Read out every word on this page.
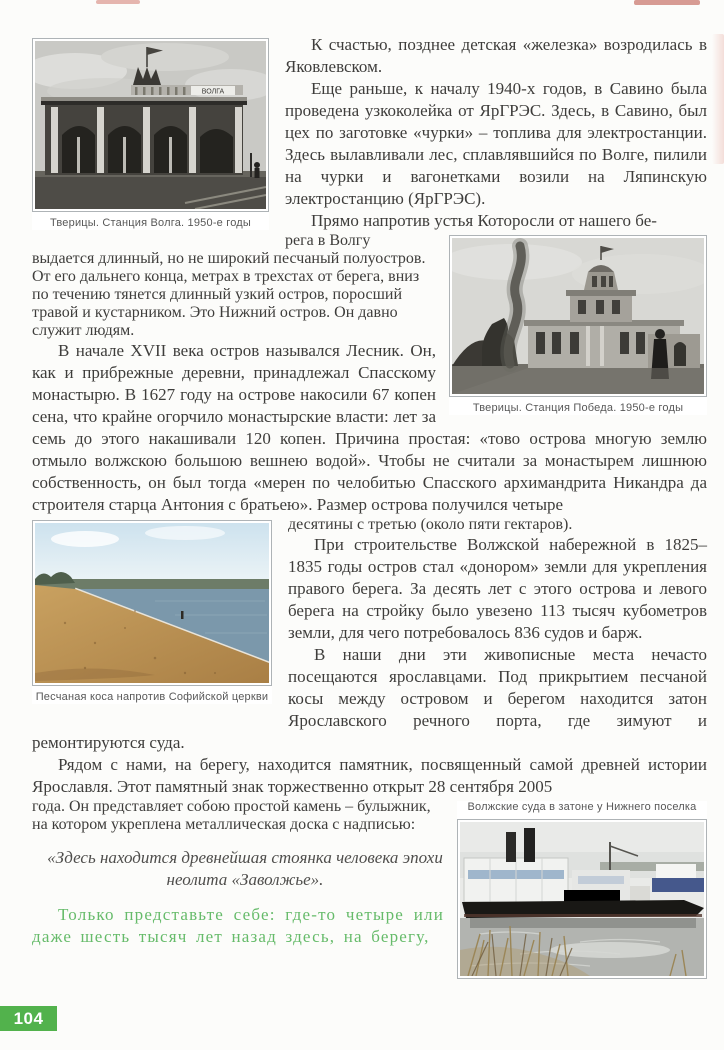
ВОЛГА
Тверицы. Станция Волга. 1950-е годы

К счастью, позднее детская «железка» возродилась в Яковлевском.

Еще раньше, к началу 1940-х годов, в Савино была проведена узкоколейка от ЯрГРЭС. Здесь, в Савино, был цех по заготовке «чурки» – топлива для электростанции. Здесь вылавливали лес, сплавлявшийся по Волге, пилили на чурки и вагонетками возили на Ляпинскую электростанцию (ЯрГРЭС).

Прямо напротив устья Которосли от нашего бе-

Тверицы. Станция Победа. 1950-е годы
рега в Волгу выдается длинный, но не широкий песчаный полуостров. От его дальнего конца, метрах в трехстах от берега, вниз по течению тянется длинный узкий остров, поросший травой и кустарником. Это Нижний остров. Он давно служит людям.

В начале XVII века остров назывался Лесник. Он, как и прибрежные деревни, принадлежал Спасскому монастырю. В 1627 году на острове накосили 67 копен сена, что крайне огорчило монастырские власти: лет за семь до этого накашивали 120 копен. Причина простая: «тово острова многую землю отмыло волжскою большою вешнею водой». Чтобы не считали за монастырем лишнюю собственность, он был тогда «мерен по челобитью Спасского архимандрита Никандра да строителя старца Антония с братьею». Размер острова получился четыре

Песчаная коса напротив Софийской церкви
десятины с третью (около пяти гектаров).

При строительстве Волжской набережной в 1825–1835 годы остров стал «донором» земли для укрепления правого берега. За десять лет с этого острова и левого берега на стройку было увезено 113 тысяч кубометров земли, для чего потребовалось 836 судов и барж.

В наши дни эти живописные места нечасто посещаются ярославцами. Под прикрытием песчаной косы между островом и берегом находится затон Ярославского речного порта, где зимуют и ремонтируются суда.

Рядом с нами, на берегу, находится памятник, посвященный самой древней истории Ярославля. Этот памятный знак торжественно открыт 28 сентября 2005

Волжские суда в затоне у Нижнего поселка
года. Он представляет собою простой камень – булыжник, на котором укреплена металлическая доска с надписью:

«Здесь находится древнейшая стоянка человека эпохи неолита «Заволжье».

Только представьте себе: где-то четыре или даже шесть тысяч лет назад здесь, на берегу,

104
